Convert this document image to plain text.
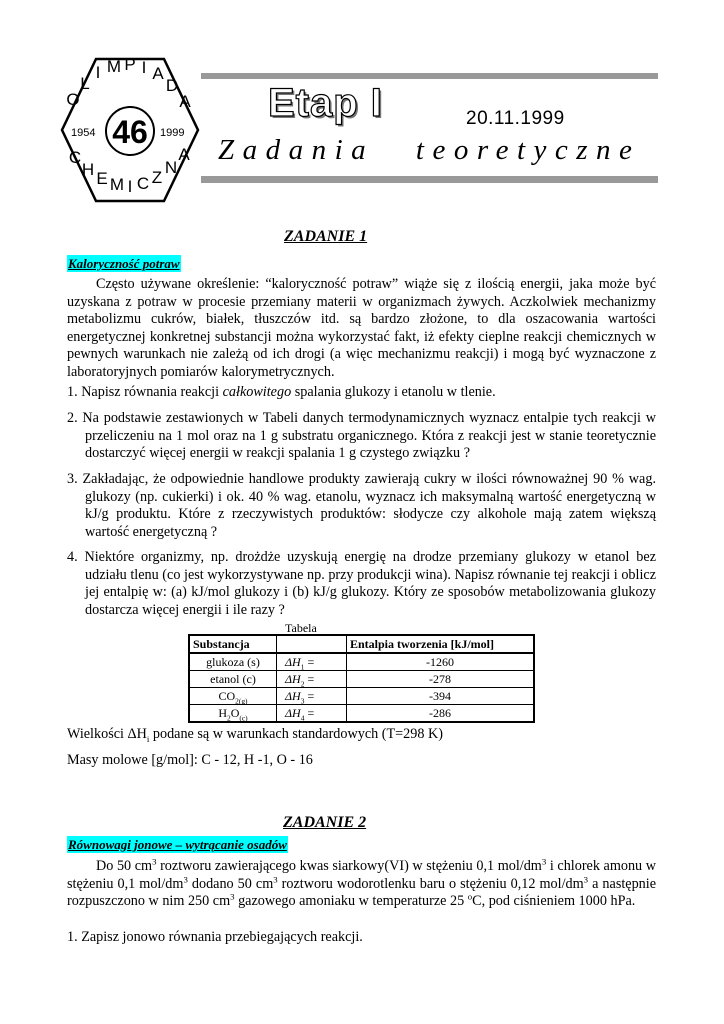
O
L
I M P I A
D
A
C
H E M I C Z
N
A
46
1954	1999
Etap I	20.11.1999
Zadania teoretyczne
ZADANIE 1
Kaloryczność potraw

Często używane określenie: “kaloryczność potraw” wiąże się z ilością energii, jaka może być uzyskana z potraw w procesie przemiany materii w organizmach żywych. Aczkolwiek mechanizmy metabolizmu cukrów, białek, tłuszczów itd. są bardzo złożone, to dla oszacowania wartości energetycznej konkretnej substancji można wykorzystać fakt, iż efekty cieplne reakcji chemicznych w pewnych warunkach nie zależą od ich drogi (a więc mechanizmu reakcji) i mogą być wyznaczone z laboratoryjnych pomiarów kalorymetrycznych.

1. Napisz równania reakcji całkowitego spalania glukozy i etanolu w tlenie.

2. Na podstawie zestawionych w Tabeli danych termodynamicznych wyznacz entalpie tych reakcji w przeliczeniu na 1 mol oraz na 1 g substratu organicznego. Która z reakcji jest w stanie teoretycznie dostarczyć więcej energii w reakcji spalania 1 g czystego związku ?

3. Zakładając, że odpowiednie handlowe produkty zawierają cukry w ilości równoważnej 90 % wag. glukozy (np. cukierki) i ok. 40 % wag. etanolu, wyznacz ich maksymalną wartość energetyczną w kJ/g produktu. Które z rzeczywistych produktów: słodycze czy alkohole mają zatem większą wartość energetyczną ?

4. Niektóre organizmy, np. drożdże uzyskują energię na drodze przemiany glukozy w etanol bez udziału tlenu (co jest wykorzystywane np. przy produkcji wina). Napisz równanie tej reakcji i oblicz jej entalpię w: (a) kJ/mol glukozy i (b) kJ/g glukozy. Który ze sposobów metabolizowania glukozy dostarcza więcej energii i ile razy ?

Tabela
Substancja		Entalpia tworzenia [kJ/mol]
glukoza (s)	$\Delta H_1$ =	-1260
etanol (c)	$\Delta H_2$ =	-278
$CO_{2(g)}$	$\Delta H_3$ =	-394
$H_2O_{(c)}$	$\Delta H_4$ =	-286

Wielkości $\Delta H_i$ podane są w warunkach standardowych (T=298 K)

Masy molowe [g/mol]: C - 12, H -1, O - 16

ZADANIE 2
Równowagi jonowe – wytrącanie osadów

Do 50 $cm^3$ roztworu zawierającego kwas siarkowy(VI) w stężeniu 0,1 mol/$dm^3$ i chlorek amonu w stężeniu 0,1 mol/$dm^3$ dodano 50 $cm^3$ roztworu wodorotlenku baru o stężeniu 0,12 mol/$dm^3$ a następnie rozpuszczono w nim 250 $cm^3$ gazowego amoniaku w temperaturze 25 $^o$C, pod ciśnieniem 1000 hPa.

1. Zapisz jonowo równania przebiegających reakcji.
